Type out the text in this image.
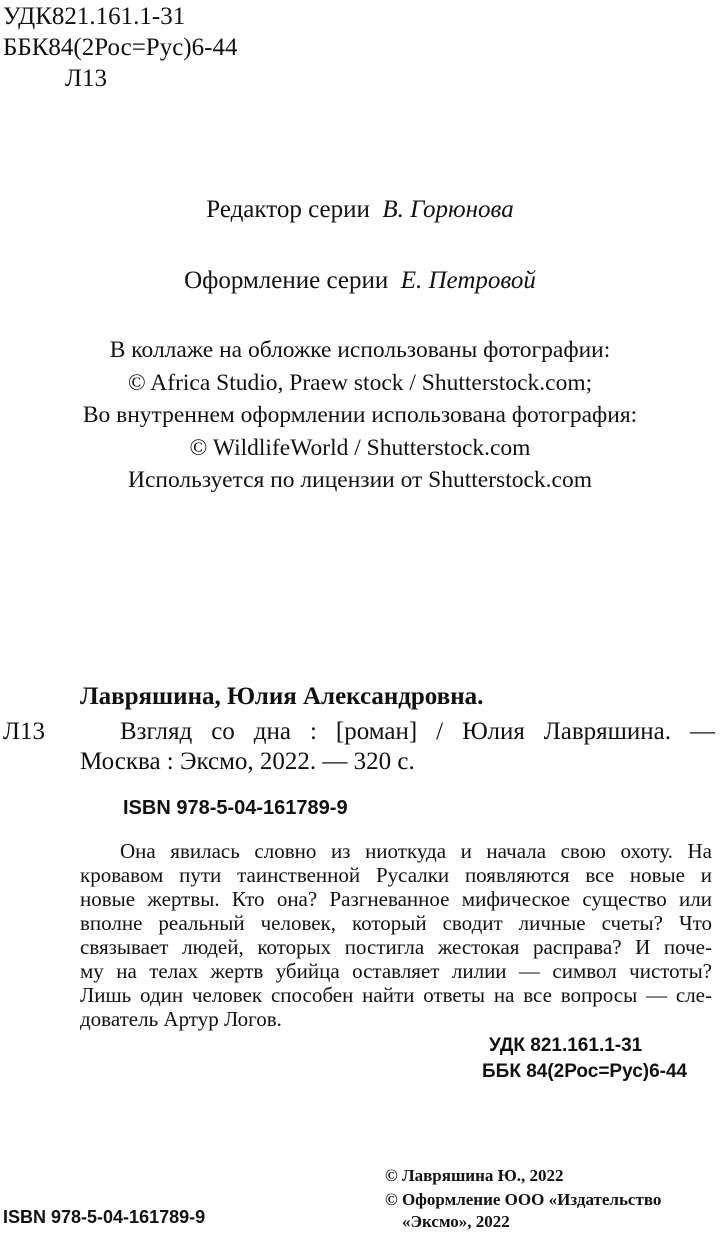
УДК821.161.1-31
ББК84(2Рос=Рус)6-44
Л13
Редактор серии В. Горюнова
Оформление серии Е. Петровой
В коллаже на обложке использованы фотографии:
© Africa Studio, Praew stock / Shutterstock.com;
Во внутреннем оформлении использована фотография:
© WildlifeWorld / Shutterstock.com
Используется по лицензии от Shutterstock.com
Лавряшина, Юлия Александровна.
Л13	Взгляд со дна : [роман] / Юлия Лавряшина. —
Москва : Эксмо, 2022. — 320 с.
ISBN 978-5-04-161789-9
Она явилась словно из ниоткуда и начала свою охоту. На
кровавом пути таинственной Русалки появляются все новые и
новые жертвы. Кто она? Разгневанное мифическое существо или
вполне реальный человек, который сводит личные счеты? Что
связывает людей, которых постигла жестокая расправа? И поче-
му на телах жертв убийца оставляет лилии — символ чистоты?
Лишь один человек способен найти ответы на все вопросы — сле-
дователь Артур Логов.
УДК 821.161.1-31
ББК 84(2Рос=Рус)6-44
© Лавряшина Ю., 2022
© Оформление ООО «Издательство
«Эксмо», 2022
ISBN 978-5-04-161789-9
